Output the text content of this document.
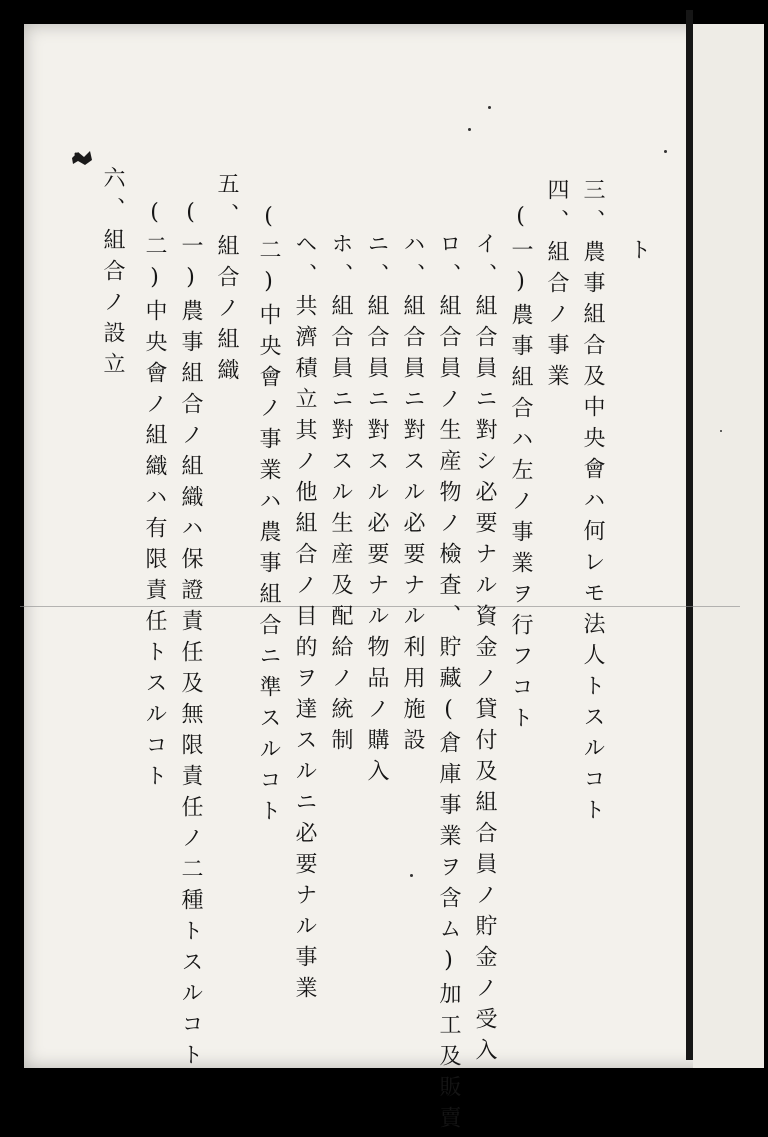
ト
三、農事組合及中央會ハ何レモ法人トスルコト
四、組合ノ事業
(一)農事組合ハ左ノ事業ヲ行フコト
イ、組合員ニ對シ必要ナル資金ノ貸付及組合員ノ貯金ノ受入
ロ、組合員ノ生産物ノ檢査、貯藏(倉庫事業ヲ含ム)加工及販賣
ハ、組合員ニ對スル必要ナル利用施設
ニ、組合員ニ對スル必要ナル物品ノ購入
ホ、組合員ニ對スル生産及配給ノ統制
ヘ、共濟積立其ノ他組合ノ目的ヲ達スルニ必要ナル事業
(二)中央會ノ事業ハ農事組合ニ準スルコト
五、組合ノ組織
(一)農事組合ノ組織ハ保證責任及無限責任ノ二種トスルコト
(二)中央會ノ組織ハ有限責任トスルコト
六、組合ノ設立
